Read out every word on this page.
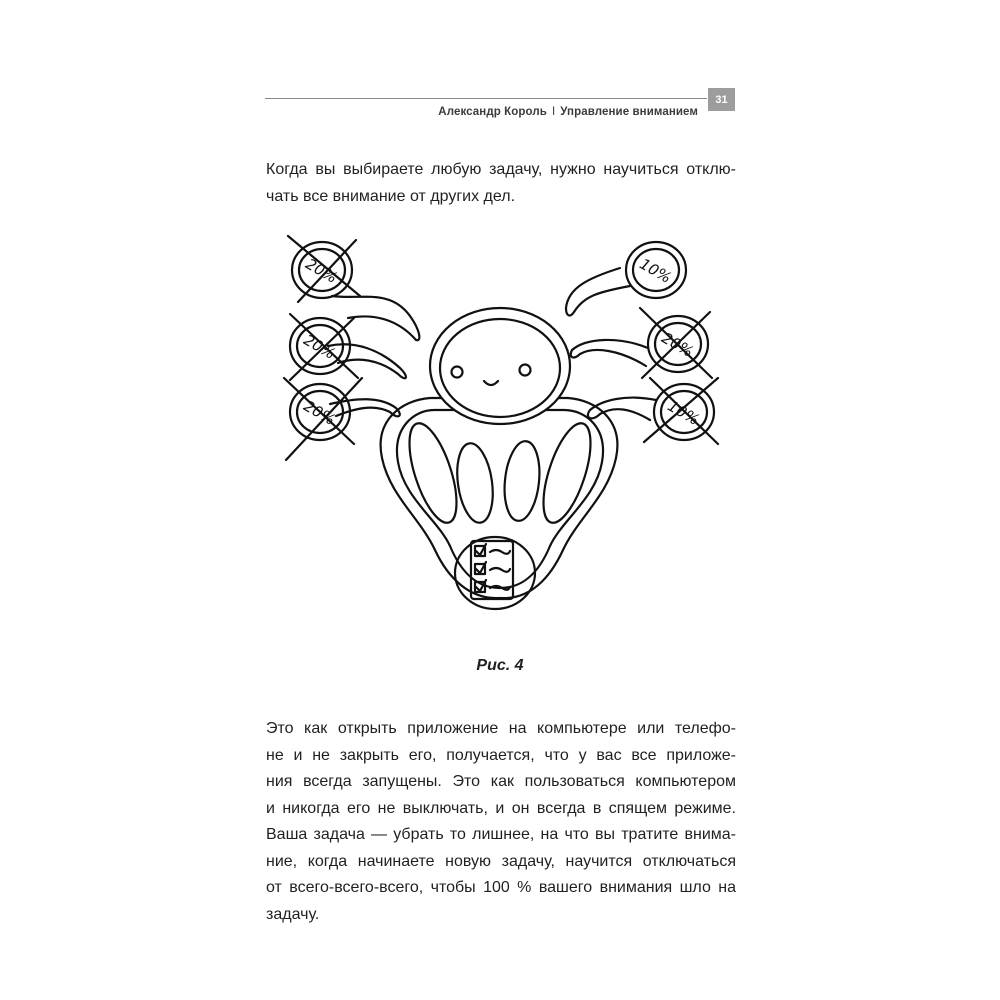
Александр Король I Управление вниманием
31

Когда вы выбираете любую задачу, нужно научиться отклю-
чать все внимание от других дел.

20%
20%
20%
10%
20%
10%
Рис. 4

Это как открыть приложение на компьютере или телефо-
не и не закрыть его, получается, что у вас все приложе-
ния всегда запущены. Это как пользоваться компьютером
и никогда его не выключать, и он всегда в спящем режиме.
Ваша задача — убрать то лишнее, на что вы тратите внима-
ние, когда начинаете новую задачу, научится отключаться
от всего-всего-всего, чтобы 100 % вашего внимания шло на
задачу.
